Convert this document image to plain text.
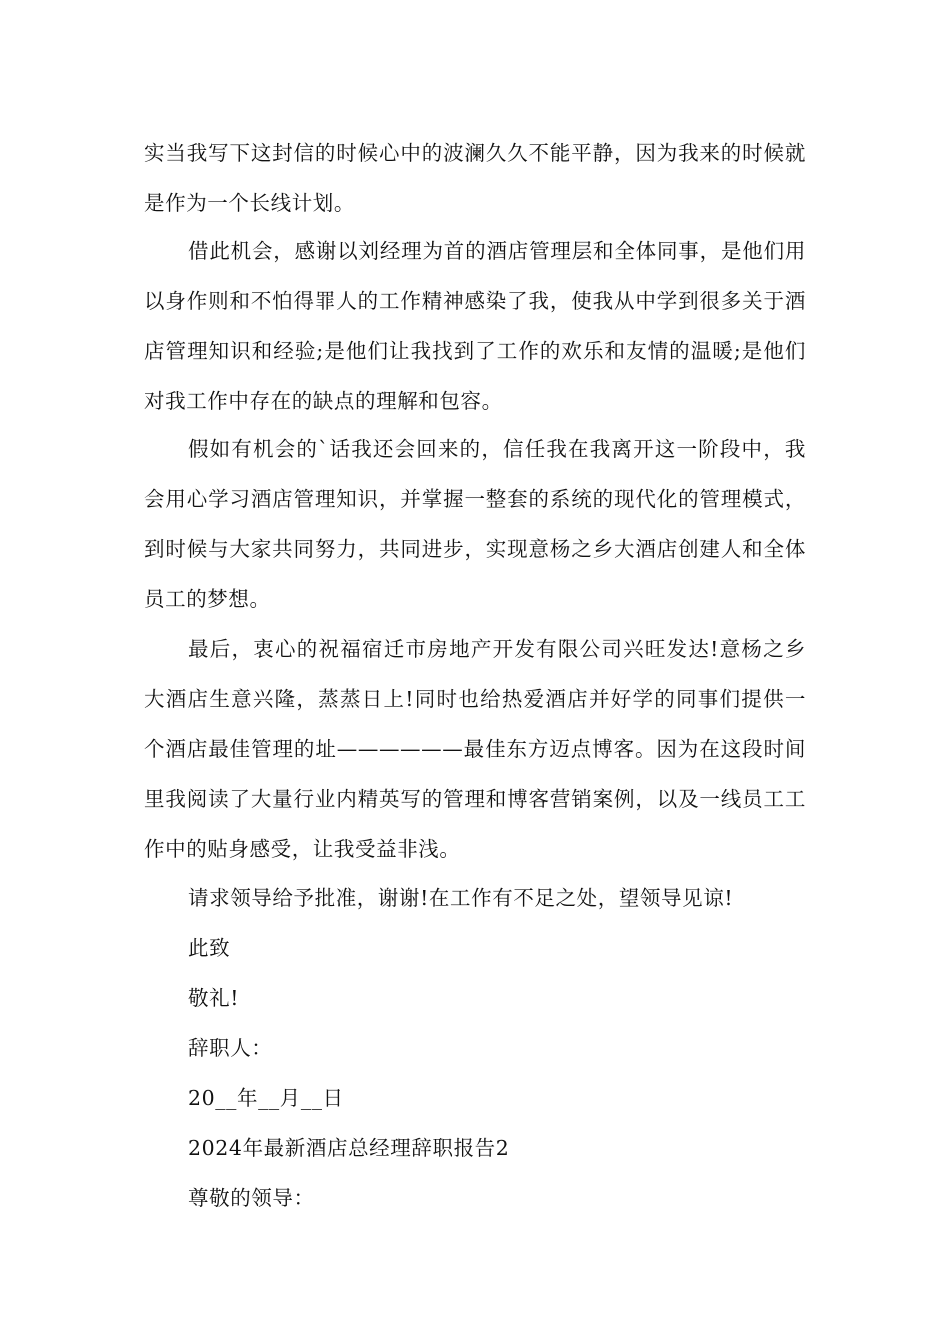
实当我写下这封信的时候心中的波澜久久不能平静，因为我来的时候就是作为一个长线计划。

借此机会，感谢以刘经理为首的酒店管理层和全体同事，是他们用以身作则和不怕得罪人的工作精神感染了我，使我从中学到很多关于酒店管理知识和经验;是他们让我找到了工作的欢乐和友情的温暖;是他们对我工作中存在的缺点的理解和包容。

假如有机会的`话我还会回来的，信任我在我离开这一阶段中，我会用心学习酒店管理知识，并掌握一整套的系统的现代化的管理模式，到时候与大家共同努力，共同进步，实现意杨之乡大酒店创建人和全体员工的梦想。

最后，衷心的祝福宿迁市房地产开发有限公司兴旺发达!意杨之乡大酒店生意兴隆，蒸蒸日上!同时也给热爱酒店并好学的同事们提供一个酒店最佳管理的址——————最佳东方迈点博客。因为在这段时间里我阅读了大量行业内精英写的管理和博客营销案例，以及一线员工工作中的贴身感受，让我受益非浅。

请求领导给予批准，谢谢!在工作有不足之处，望领导见谅!

此致

敬礼!

辞职人：

20__年__月__日

2024年最新酒店总经理辞职报告2

尊敬的领导：
